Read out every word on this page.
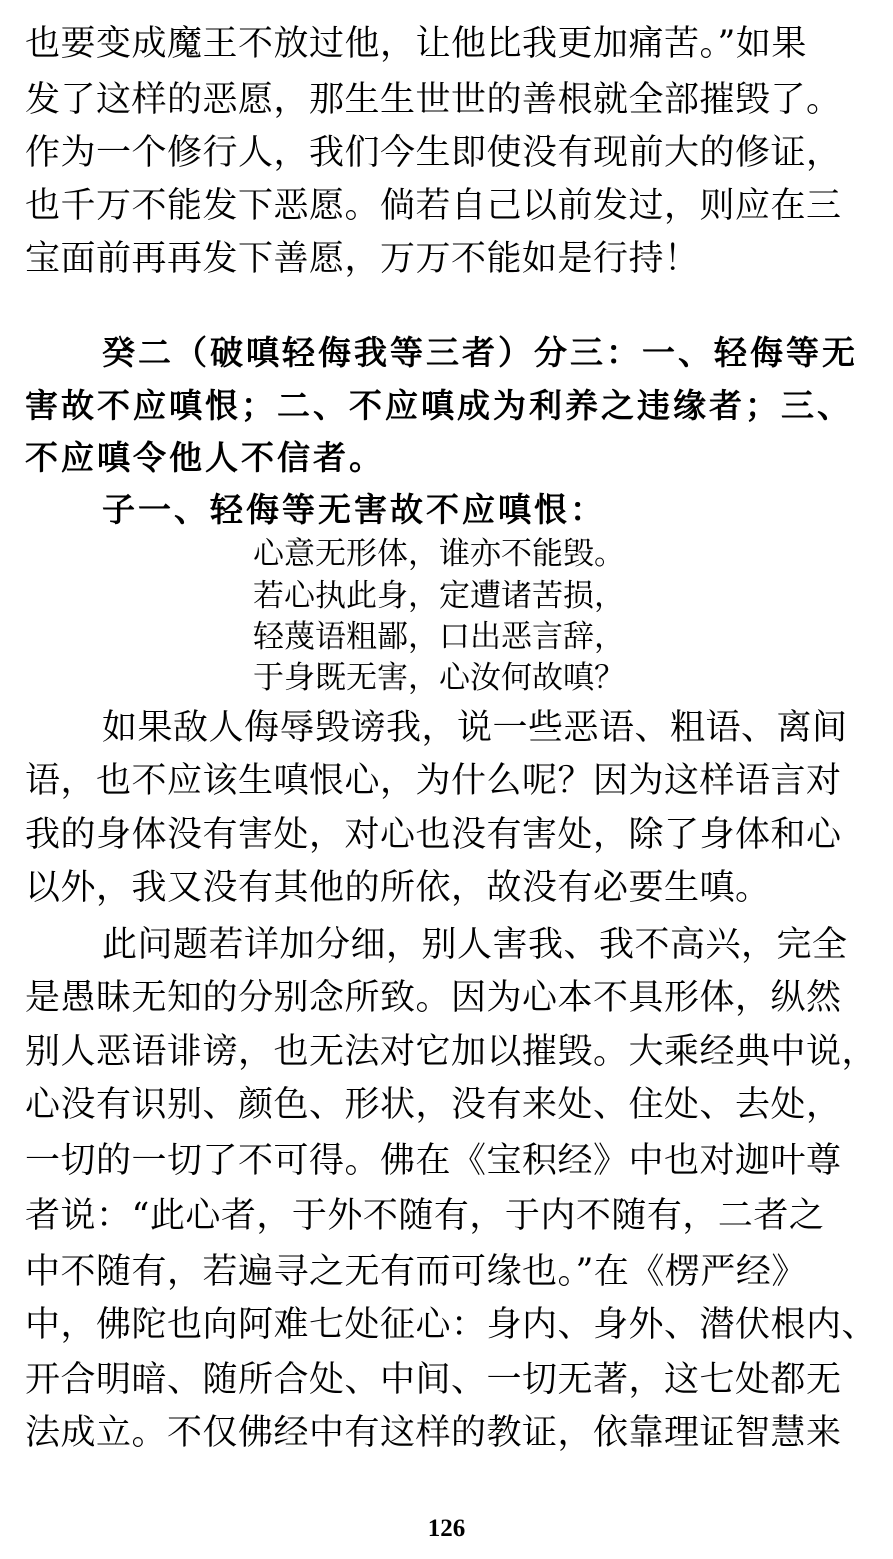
也要变成魔王不放过他，让他比我更加痛苦。”如果
发了这样的恶愿，那生生世世的善根就全部摧毁了。
作为一个修行人，我们今生即使没有现前大的修证，
也千万不能发下恶愿。倘若自己以前发过，则应在三
宝面前再再发下善愿，万万不能如是行持！
癸二（破嗔轻侮我等三者）分三：一、轻侮等无
害故不应嗔恨；二、不应嗔成为利养之违缘者；三、
不应嗔令他人不信者。
子一、轻侮等无害故不应嗔恨：
心意无形体，谁亦不能毁。
若心执此身，定遭诸苦损，
轻蔑语粗鄙，口出恶言辞，
于身既无害，心汝何故嗔？
如果敌人侮辱毁谤我，说一些恶语、粗语、离间
语，也不应该生嗔恨心，为什么呢？因为这样语言对
我的身体没有害处，对心也没有害处，除了身体和心
以外，我又没有其他的所依，故没有必要生嗔。
此问题若详加分细，别人害我、我不高兴，完全
是愚昧无知的分别念所致。因为心本不具形体，纵然
别人恶语诽谤，也无法对它加以摧毁。大乘经典中说，
心没有识别、颜色、形状，没有来处、住处、去处，
一切的一切了不可得。佛在《宝积经》中也对迦叶尊
者说：“此心者，于外不随有，于内不随有，二者之
中不随有，若遍寻之无有而可缘也。”在《楞严经》
中，佛陀也向阿难七处征心：身内、身外、潜伏根内、
开合明暗、随所合处、中间、一切无著，这七处都无
法成立。不仅佛经中有这样的教证，依靠理证智慧来
126
